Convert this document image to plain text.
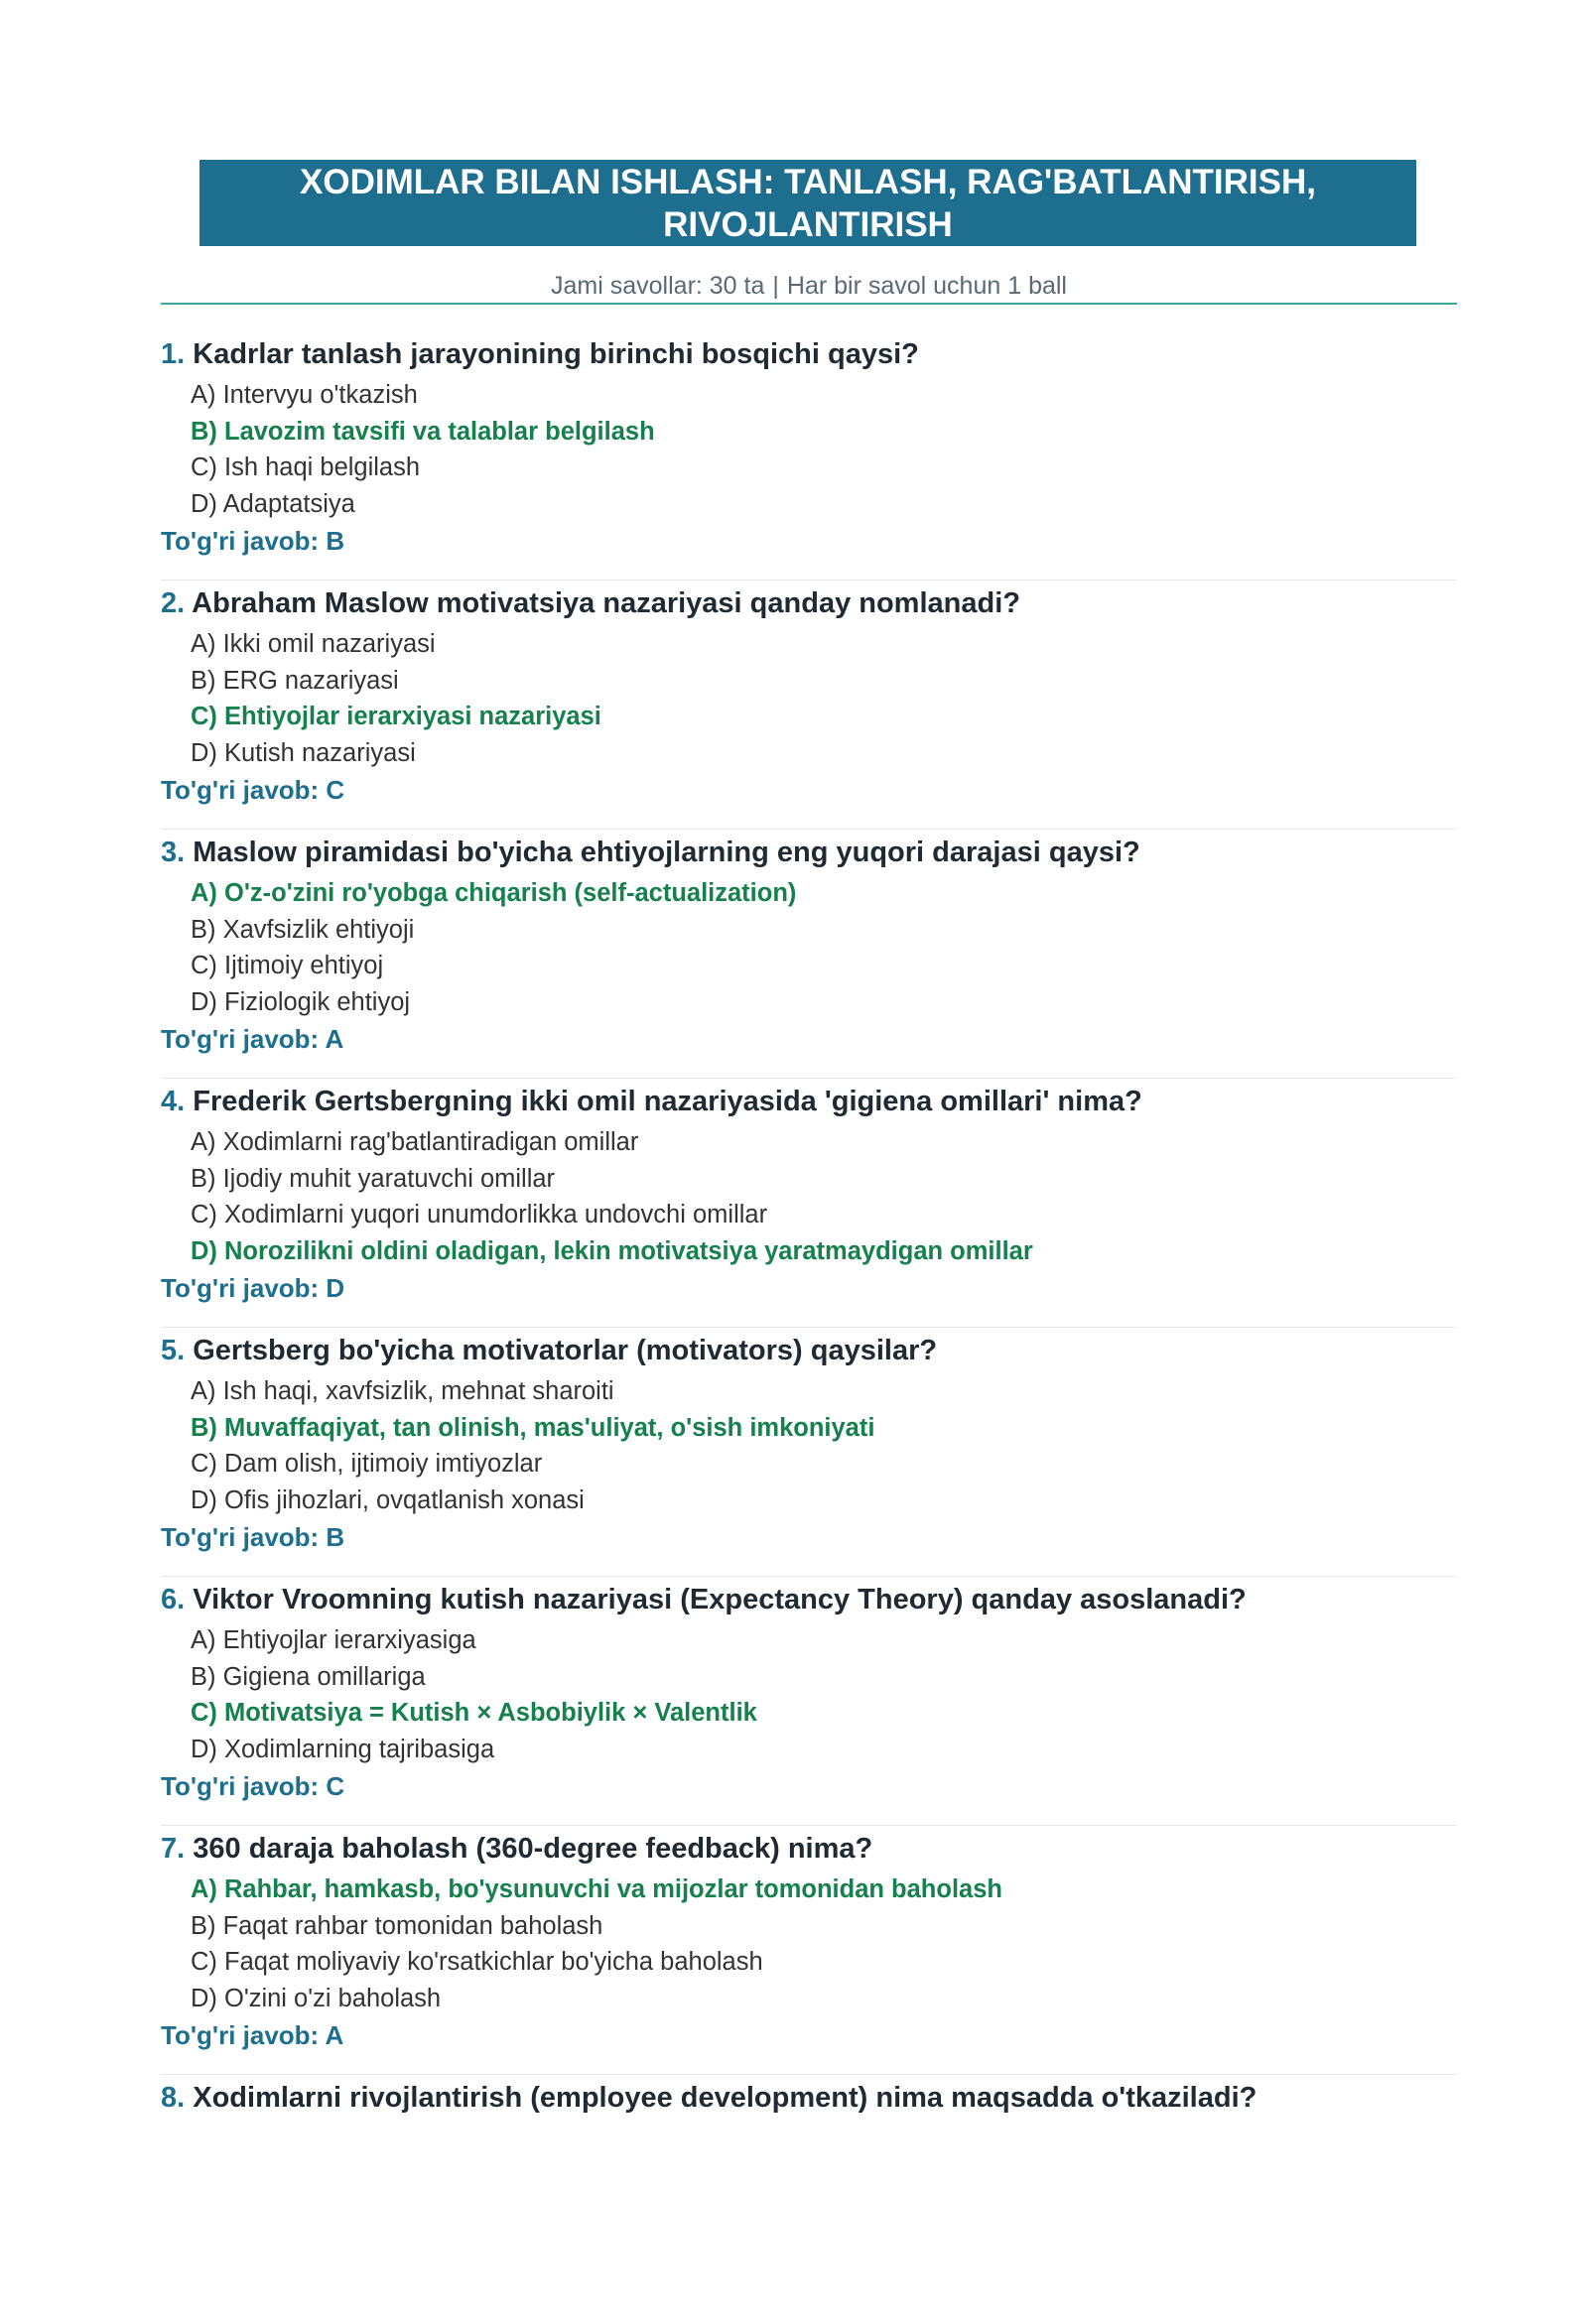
XODIMLAR BILAN ISHLASH: TANLASH, RAG'BATLANTIRISH, RIVOJLANTIRISH
Jami savollar: 30 ta | Har bir savol uchun 1 ball
1. Kadrlar tanlash jarayonining birinchi bosqichi qaysi?
A) Intervyu o'tkazish
B) Lavozim tavsifi va talablar belgilash
C) Ish haqi belgilash
D) Adaptatsiya
To'g'ri javob: B
2. Abraham Maslow motivatsiya nazariyasi qanday nomlanadi?
A) Ikki omil nazariyasi
B) ERG nazariyasi
C) Ehtiyojlar ierarxiyasi nazariyasi
D) Kutish nazariyasi
To'g'ri javob: C
3. Maslow piramidasi bo'yicha ehtiyojlarning eng yuqori darajasi qaysi?
A) O'z-o'zini ro'yobga chiqarish (self-actualization)
B) Xavfsizlik ehtiyoji
C) Ijtimoiy ehtiyoj
D) Fiziologik ehtiyoj
To'g'ri javob: A
4. Frederik Gertsbergning ikki omil nazariyasida 'gigiena omillari' nima?
A) Xodimlarni rag'batlantiradigan omillar
B) Ijodiy muhit yaratuvchi omillar
C) Xodimlarni yuqori unumdorlikka undovchi omillar
D) Norozilikni oldini oladigan, lekin motivatsiya yaratmaydigan omillar
To'g'ri javob: D
5. Gertsberg bo'yicha motivatorlar (motivators) qaysilar?
A) Ish haqi, xavfsizlik, mehnat sharoiti
B) Muvaffaqiyat, tan olinish, mas'uliyat, o'sish imkoniyati
C) Dam olish, ijtimoiy imtiyozlar
D) Ofis jihozlari, ovqatlanish xonasi
To'g'ri javob: B
6. Viktor Vroomning kutish nazariyasi (Expectancy Theory) qanday asoslanadi?
A) Ehtiyojlar ierarxiyasiga
B) Gigiena omillariga
C) Motivatsiya = Kutish × Asbobiylik × Valentlik
D) Xodimlarning tajribasiga
To'g'ri javob: C
7. 360 daraja baholash (360-degree feedback) nima?
A) Rahbar, hamkasb, bo'ysunuvchi va mijozlar tomonidan baholash
B) Faqat rahbar tomonidan baholash
C) Faqat moliyaviy ko'rsatkichlar bo'yicha baholash
D) O'zini o'zi baholash
To'g'ri javob: A
8. Xodimlarni rivojlantirish (employee development) nima maqsadda o'tkaziladi?
